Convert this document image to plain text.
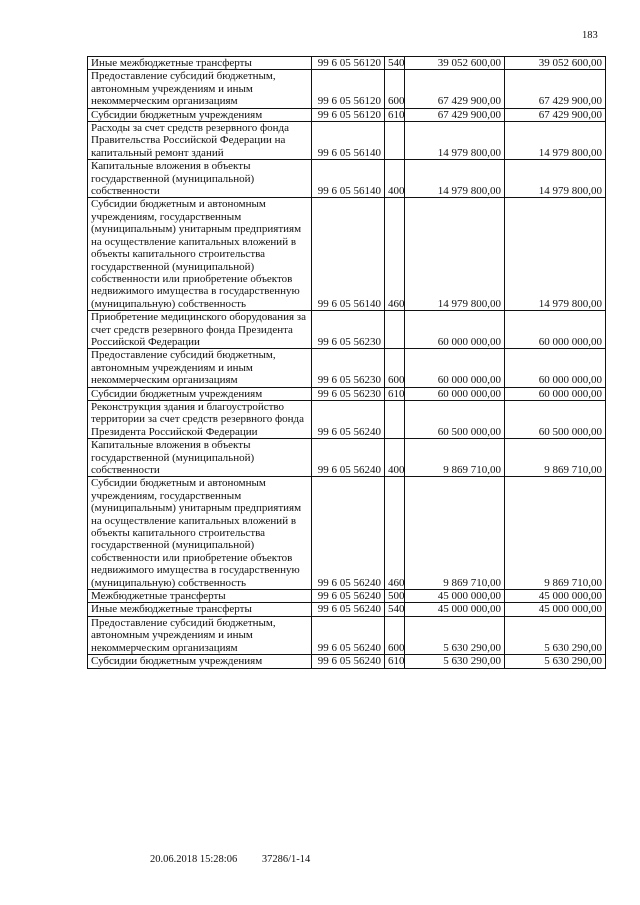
183
Иные межбюджетные трансферты	99 6 05 56120	540	39 052 600,00	39 052 600,00
Предоставление субсидий бюджетным, автономным учреждениям и иным некоммерческим организациям	99 6 05 56120	600	67 429 900,00	67 429 900,00
Субсидии бюджетным учреждениям	99 6 05 56120	610	67 429 900,00	67 429 900,00
Расходы за счет средств резервного фонда Правительства Российской Федерации на капитальный ремонт зданий	99 6 05 56140		14 979 800,00	14 979 800,00
Капитальные вложения в объекты государственной (муниципальной) собственности	99 6 05 56140	400	14 979 800,00	14 979 800,00
Субсидии бюджетным и автономным учреждениям, государственным (муниципальным) унитарным предприятиям на осуществление капитальных вложений в объекты капитального строительства государственной (муниципальной) собственности или приобретение объектов недвижимого имущества в государственную (муниципальную) собственность	99 6 05 56140	460	14 979 800,00	14 979 800,00
Приобретение медицинского оборудования за счет средств резервного фонда Президента Российской Федерации	99 6 05 56230		60 000 000,00	60 000 000,00
Предоставление субсидий бюджетным, автономным учреждениям и иным некоммерческим организациям	99 6 05 56230	600	60 000 000,00	60 000 000,00
Субсидии бюджетным учреждениям	99 6 05 56230	610	60 000 000,00	60 000 000,00
Реконструкция здания и благоустройство территории за счет средств резервного фонда Президента Российской Федерации	99 6 05 56240		60 500 000,00	60 500 000,00
Капитальные вложения в объекты государственной (муниципальной) собственности	99 6 05 56240	400	9 869 710,00	9 869 710,00
Субсидии бюджетным и автономным учреждениям, государственным (муниципальным) унитарным предприятиям на осуществление капитальных вложений в объекты капитального строительства государственной (муниципальной) собственности или приобретение объектов недвижимого имущества в государственную (муниципальную) собственность	99 6 05 56240	460	9 869 710,00	9 869 710,00
Межбюджетные трансферты	99 6 05 56240	500	45 000 000,00	45 000 000,00
Иные межбюджетные трансферты	99 6 05 56240	540	45 000 000,00	45 000 000,00
Предоставление субсидий бюджетным, автономным учреждениям и иным некоммерческим организациям	99 6 05 56240	600	5 630 290,00	5 630 290,00
Субсидии бюджетным учреждениям	99 6 05 56240	610	5 630 290,00	5 630 290,00
20.06.2018 15:28:06 37286/1-14
